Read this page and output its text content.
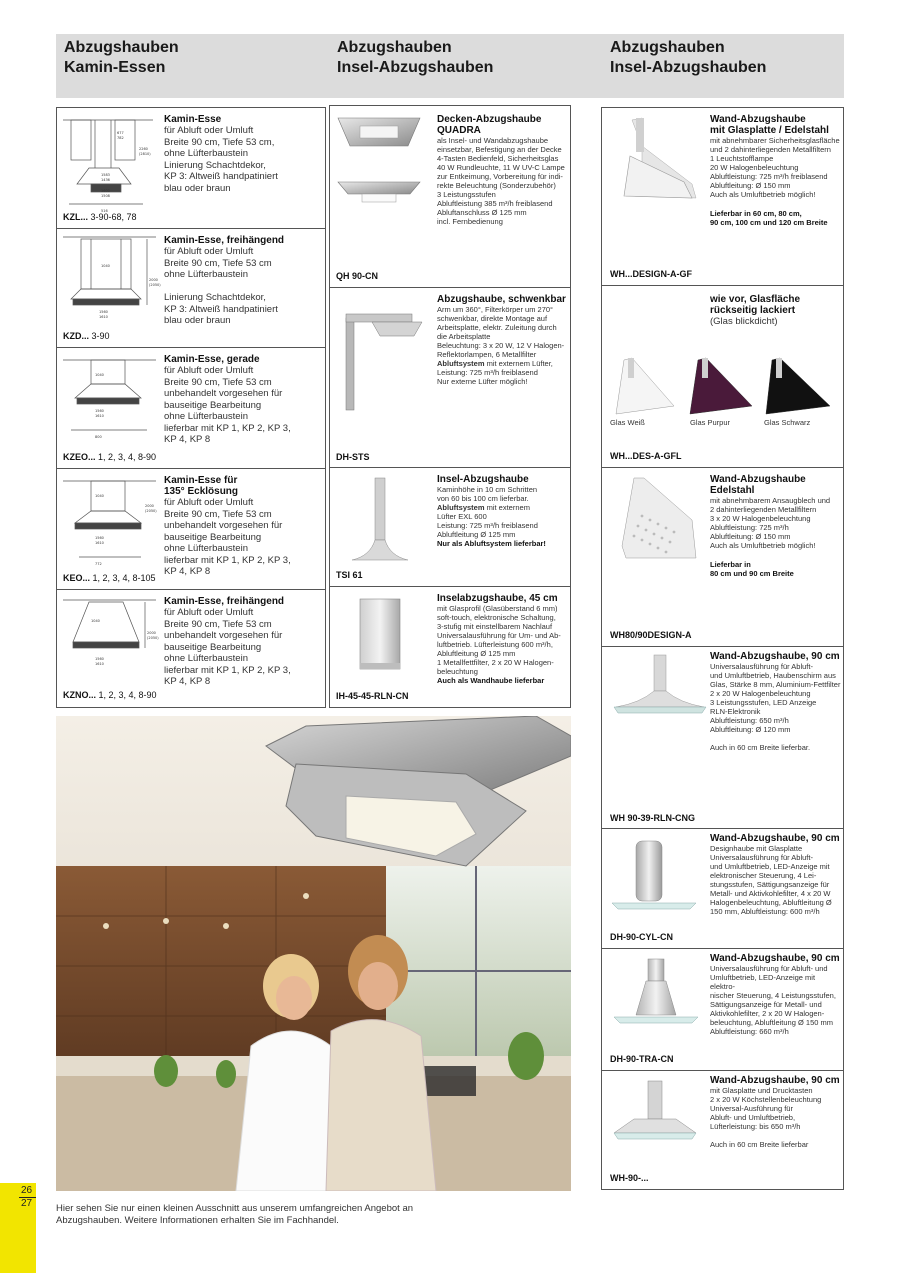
Abzugshauben
Kamin-Essen
Abzugshauben
Insel-Abzugshauben
Abzugshauben
Insel-Abzugshauben
677
782
2260
(2810)
1583
1436
1600
1508
516
Kamin-Esse
für Abluft oder Umluft
Breite 90 cm, Tiefe 53 cm,
ohne Lüfterbaustein
Linierung Schachtdekor,
KP 3: Altweiß handpatiniert
blau oder braun
KZL... 3-90-68, 78
1040
2000
(2050)
1560
1610
Kamin-Esse, freihängend
für Abluft oder Umluft
Breite 90 cm, Tiefe 53 cm
ohne Lüfterbaustein

Linierung Schachtdekor,
KP 3: Altweiß handpatiniert
blau oder braun
KZD... 3-90
1040
1560
1610
800
Kamin-Esse, gerade
für Abluft oder Umluft
Breite 90 cm, Tiefe 53 cm
unbehandelt vorgesehen für
bauseitige Bearbeitung
ohne Lüfterbaustein
lieferbar mit KP 1, KP 2, KP 3,
KP 4, KP 8
KZEO... 1, 2, 3, 4, 8-90
1040
2000
(2050)
1560
1610
772
Kamin-Esse für
135° Ecklösung
für Abluft oder Umluft
Breite 90 cm, Tiefe 53 cm
unbehandelt vorgesehen für
bauseitige Bearbeitung
ohne Lüfterbaustein
lieferbar mit KP 1, KP 2, KP 3,
KP 4, KP 8
KEO... 1, 2, 3, 4, 8-105
1040
2000
(2050)
1560
1610
Kamin-Esse, freihängend
für Abluft oder Umluft
Breite 90 cm, Tiefe 53 cm
unbehandelt vorgesehen für
bauseitige Bearbeitung
ohne Lüfterbaustein
lieferbar mit KP 1, KP 2, KP 3,
KP 4, KP 8
KZNO... 1, 2, 3, 4, 8-90
Decken-Abzugshaube
QUADRA
als Insel- und Wandabzugshaube
einsetzbar, Befestigung an der Decke
4-Tasten Bedienfeld, Sicherheitsglas
40 W Rundleuchte, 11 W UV-C Lampe
zur Entkeimung, Vorbereitung für indi-
rekte Beleuchtung (Sonderzubehör)
3 Leistungsstufen
Abluftleistung 385 m³/h freiblasend
Abluftanschluss Ø 125 mm
incl. Fernbedienung
QH 90-CN
Abzugshaube, schwenkbar
Arm um 360°, Filterkörper um 270°
schwenkbar, direkte Montage auf
Arbeitsplatte, elektr. Zuleitung durch
die Arbeitsplatte
Beleuchtung: 3 x 20 W, 12 V Halogen-
Reflektorlampen, 6 Metallfilter
Abluftsystem mit externem Lüfter,
Leistung: 725 m³/h freiblasend
Nur externe Lüfter möglich!
DH-STS
Insel-Abzugshaube
Kaminhöhe in 10 cm Schritten
von 60 bis 100 cm lieferbar.
Abluftsystem mit externem
Lüfter EXL 600
Leistung: 725 m³/h freiblasend
Abluftleitung Ø 125 mm
Nur als Abluftsystem lieferbar!
TSI 61
Inselabzugshaube, 45 cm
mit Glasprofil (Glasüberstand 6 mm)
soft-touch, elektronische Schaltung,
3-stufig mit einstellbarem Nachlauf
Universalausführung für Um- und Ab-
luftbetrieb. Lüfterleistung 600 m³/h,
Abluftleitung Ø 125 mm
1 Metallfettfilter, 2 x 20 W Halogen-
beleuchtung
Auch als Wandhaube lieferbar
IH-45-45-RLN-CN
Wand-Abzugshaube
mit Glasplatte / Edelstahl
mit abnehmbarer Sicherheitsglasfläche
und 2 dahinterliegenden Metallfiltern
1 Leuchtstofflampe
20 W Halogenbeleuchtung
Abluftleistung: 725 m³/h freiblasend
Abluftleitung: Ø 150 mm
Auch als Umluftbetrieb möglich!
Lieferbar in 60 cm, 80 cm,
90 cm, 100 cm und 120 cm Breite
WH...DESIGN-A-GF
wie vor, Glasfläche
rückseitig lackiert
(Glas blickdicht)
Glas Weiß	Glas Purpur	Glas Schwarz
WH...DES-A-GFL
Wand-Abzugshaube
Edelstahl
mit abnehmbarem Ansaugblech und
2 dahinterliegenden Metallfiltern
3 x 20 W Halogenbeleuchtung
Abluftleistung: 725 m³/h
Abluftleitung: Ø 150 mm
Auch als Umluftbetrieb möglich!
Lieferbar in
80 cm und 90 cm Breite
WH80/90DESIGN-A
Wand-Abzugshaube, 90 cm
Universalausführung für Abluft-
und Umluftbetrieb, Haubenschirm aus
Glas, Stärke 8 mm, Aluminium-Fettfilter
2 x 20 W Halogenbeleuchtung
3 Leistungsstufen, LED Anzeige
RLN-Elektronik
Abluftleistung: 650 m³/h
Abluftleitung: Ø 120 mm

Auch in 60 cm Breite lieferbar.
WH 90-39-RLN-CNG
Wand-Abzugshaube, 90 cm
Designhaube mit Glasplatte
Universalausführung für Abluft-
und Umluftbetrieb, LED-Anzeige mit
elektronischer Steuerung, 4 Lei-
stungsstufen, Sättigungsanzeige für
Metall- und Aktivkohlefilter, 4 x 20 W
Halogenbeleuchtung, Abluftleitung Ø
150 mm, Abluftleistung: 600 m³/h
DH-90-CYL-CN
Wand-Abzugshaube, 90 cm
Universalausführung für Abluft- und
Umluftbetrieb, LED-Anzeige mit elektro-
nischer Steuerung, 4 Leistungsstufen,
Sättigungsanzeige für Metall- und
Aktivkohlefilter, 2 x 20 W Halogen-
beleuchtung, Abluftleitung Ø 150 mm
Abluftleistung: 660 m³/h
DH-90-TRA-CN
Wand-Abzugshaube, 90 cm
mit Glasplatte und Drucktasten
2 x 20 W Köchstellenbeleuchtung
Universal-Ausführung für
Abluft- und Umluftbetrieb,
Lüfterleistung: bis 650 m³/h

Auch in 60 cm Breite lieferbar
WH-90-...
26
27	Hier sehen Sie nur einen kleinen Ausschnitt aus unserem umfangreichen Angebot an Abzugshauben. Weitere Informationen erhalten Sie im Fachhandel.
